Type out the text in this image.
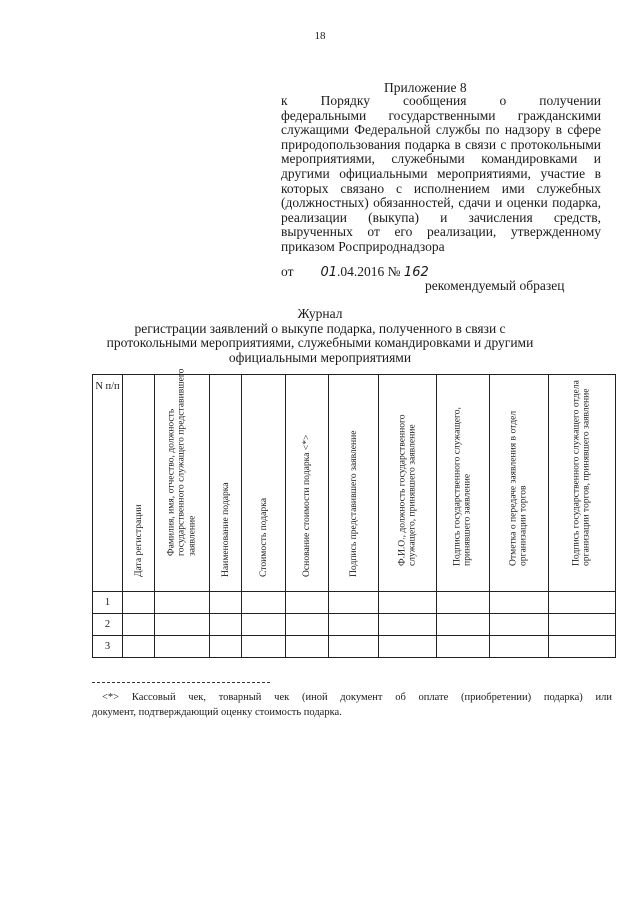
18
Приложение 8
к Порядку сообщения о получении
федеральными государственными гражданскими служащими Федеральной службы по надзору в сфере природопользования подарка в связи с протокольными мероприятиями, служебными командировками и другими официальными мероприятиями, участие в которых связано с исполнением ими служебных (должностных) обязанностей, сдачи и оценки подарка, реализации (выкупа) и зачисления средств, вырученных от его реализации, утвержденному приказом Росприроднадзора
от 01.04.2016 № 162
рекомендуемый образец
Журнал
регистрации заявлений о выкупе подарка, полученного в связи с протокольными мероприятиями, служебными командировками и другими официальными мероприятиями
N п/п	Дата регистрации	Фамилия, имя, отчество, должность государственного служащего представившего заявление	Наименование подарка	Стоимость подарка	Основание стоимости подарка <*>	Подпись представившего заявление	Ф.И.О., должность государственного служащего, принявшего заявление	Подпись государственного служащего, принявшего заявление	Отметка о передаче заявления в отдел организации торгов	Подпись государственного служащего отдела организации торгов, принявшего заявление

1										
2										
3										
<*> Кассовый чек, товарный чек (иной документ об оплате (приобретении) подарка) или
документ, подтверждающий оценку стоимость подарка.
